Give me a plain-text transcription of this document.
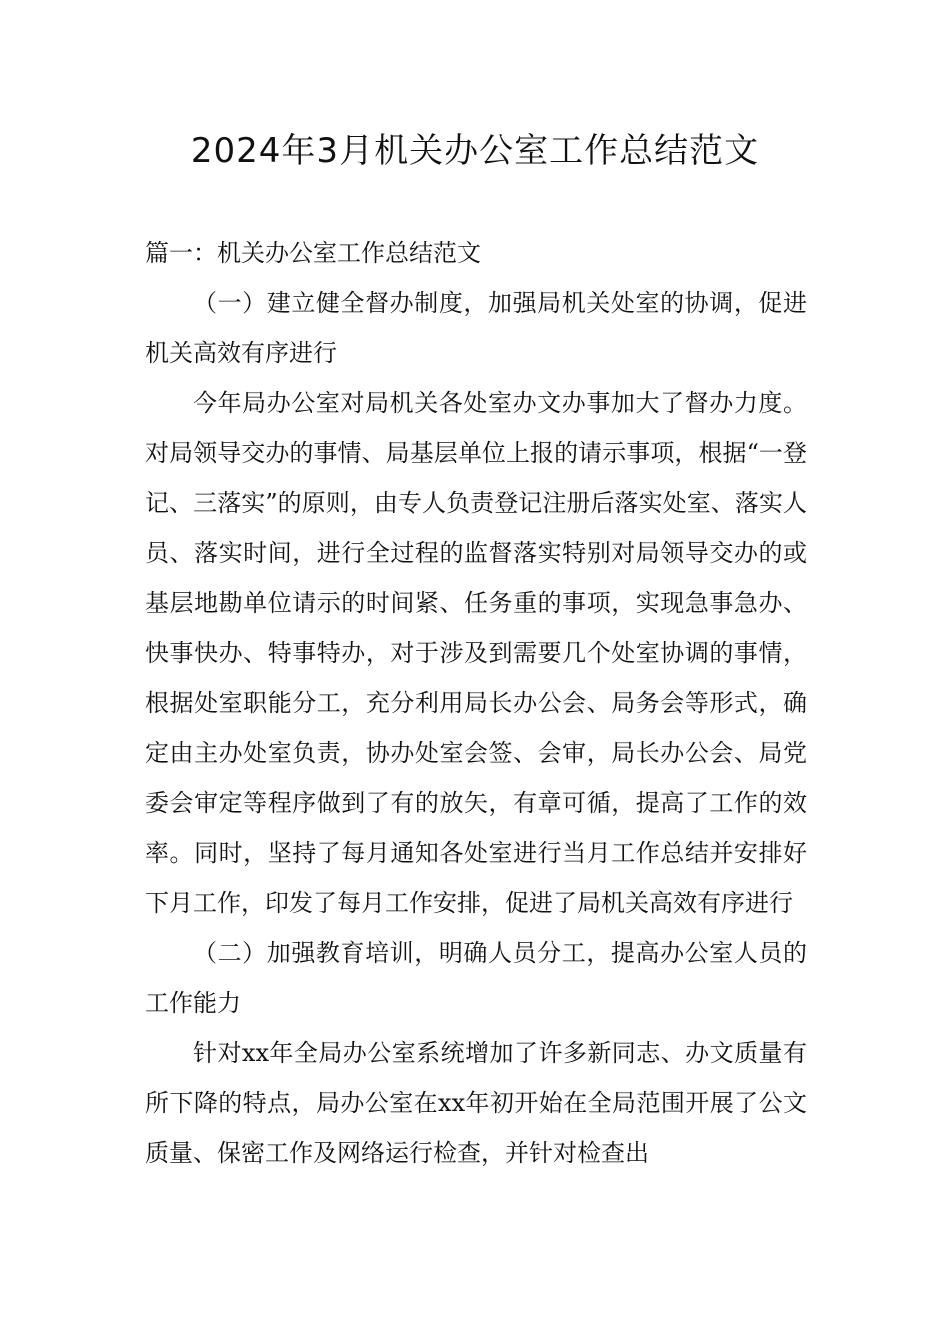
2024年3月机关办公室工作总结范文

篇一：机关办公室工作总结范文

（一）建立健全督办制度，加强局机关处室的协调，促进机关高效有序进行

今年局办公室对局机关各处室办文办事加大了督办力度。对局领导交办的事情、局基层单位上报的请示事项，根据“一登记、三落实”的原则，由专人负责登记注册后落实处室、落实人员、落实时间，进行全过程的监督落实特别对局领导交办的或基层地勘单位请示的时间紧、任务重的事项，实现急事急办、快事快办、特事特办，对于涉及到需要几个处室协调的事情，根据处室职能分工，充分利用局长办公会、局务会等形式，确定由主办处室负责，协办处室会签、会审，局长办公会、局党委会审定等程序做到了有的放矢，有章可循，提高了工作的效率。同时，坚持了每月通知各处室进行当月工作总结并安排好下月工作，印发了每月工作安排，促进了局机关高效有序进行

（二）加强教育培训，明确人员分工，提高办公室人员的工作能力

针对xx年全局办公室系统增加了许多新同志、办文质量有所下降的特点，局办公室在xx年初开始在全局范围开展了公文质量、保密工作及网络运行检查，并针对检查出
